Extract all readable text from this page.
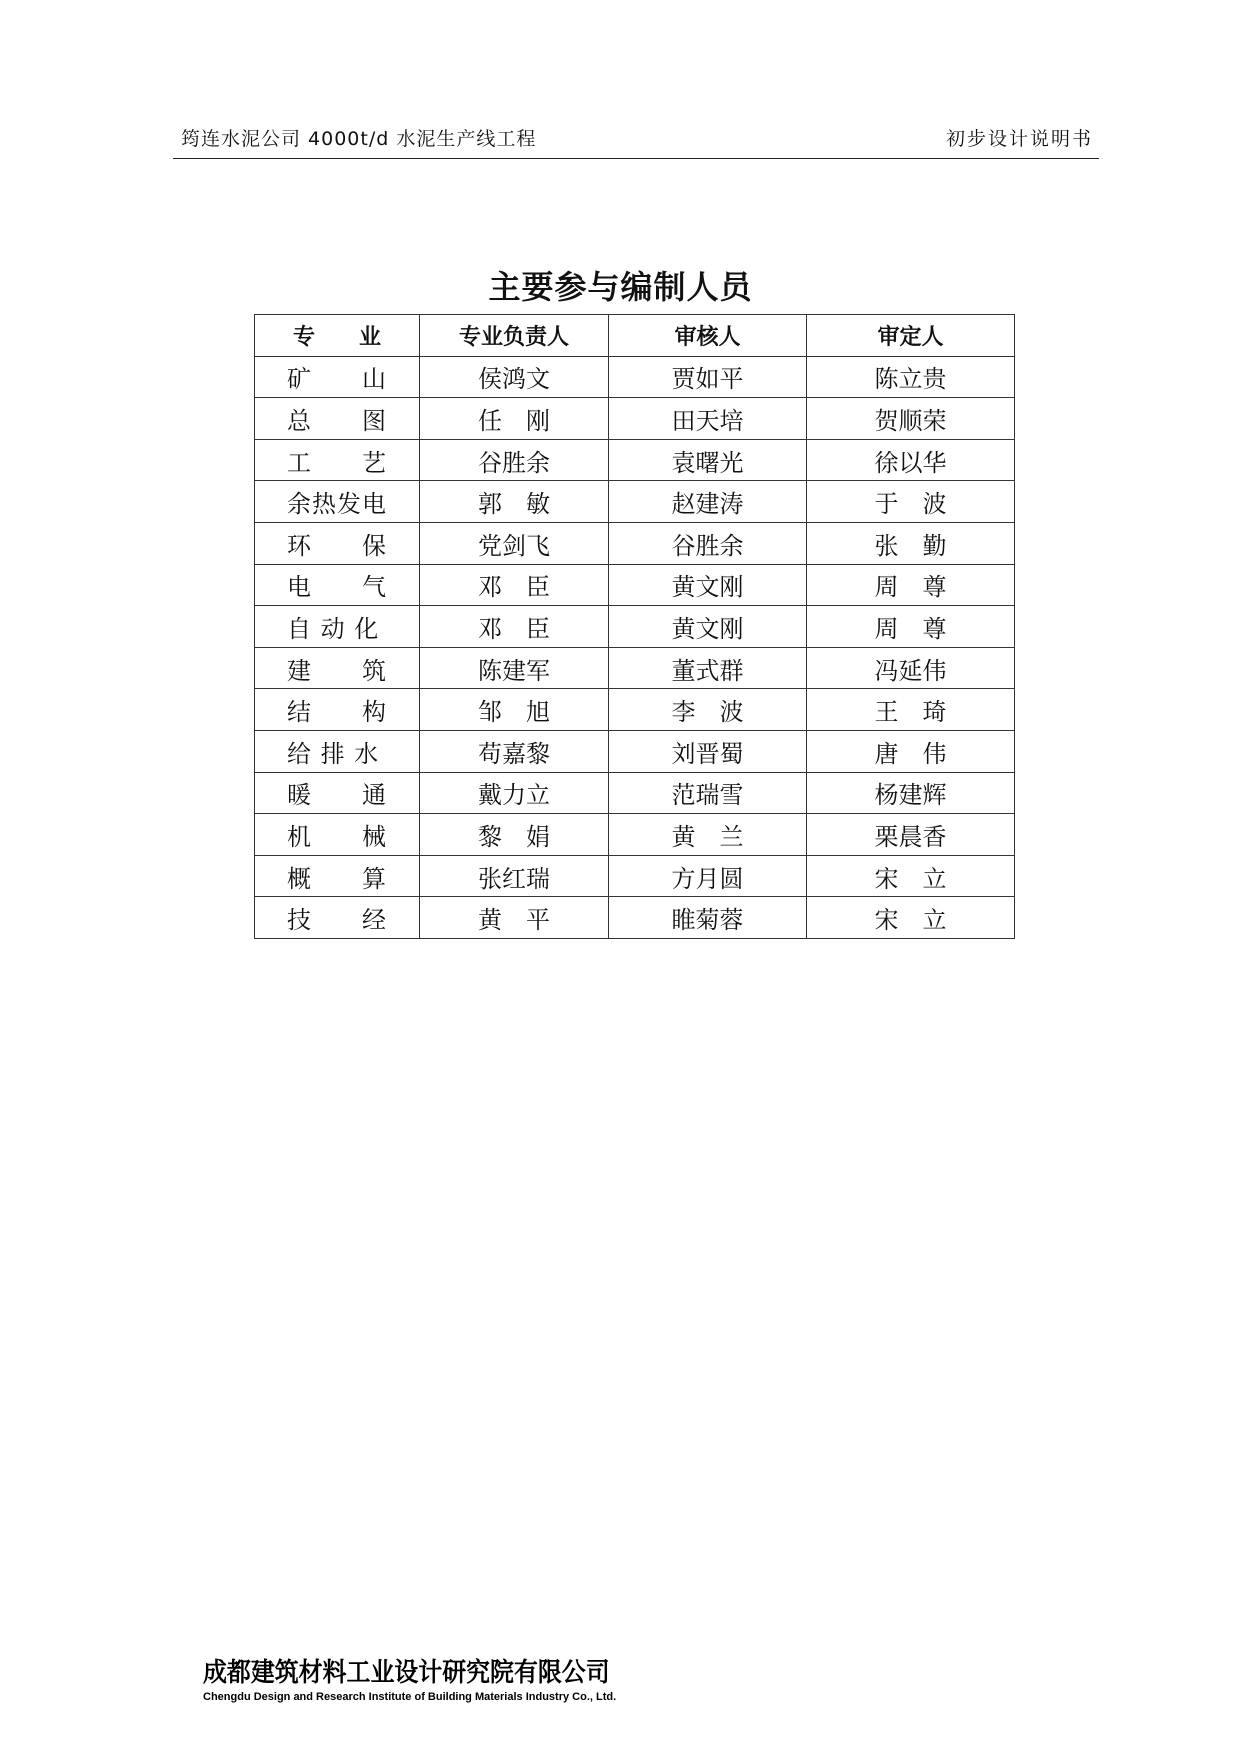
筠连水泥公司 4000t/d 水泥生产线工程	初步设计说明书
主要参与编制人员
专　　业	专业负责人	审核人	审定人
矿　　山	侯鸿文	贾如平	陈立贵
总　　图	任　刚	田天培	贺顺荣
工　　艺	谷胜余	袁曙光	徐以华
余热发电	郭　敏	赵建涛	于　波
环　　保	党剑飞	谷胜余	张　勤
电　　气	邓　臣	黄文刚	周　尊
自 动 化	邓　臣	黄文刚	周　尊
建　　筑	陈建军	董式群	冯延伟
结　　构	邹　旭	李　波	王　琦
给 排 水	苟嘉黎	刘晋蜀	唐　伟
暖　　通	戴力立	范瑞雪	杨建辉
机　　械	黎　娟	黄　兰	栗晨香
概　　算	张红瑞	方月圆	宋　立
技　　经	黄　平	睢菊蓉	宋　立
成都建筑材料工业设计研究院有限公司
Chengdu Design and Research Institute of Building Materials Industry Co., Ltd.
